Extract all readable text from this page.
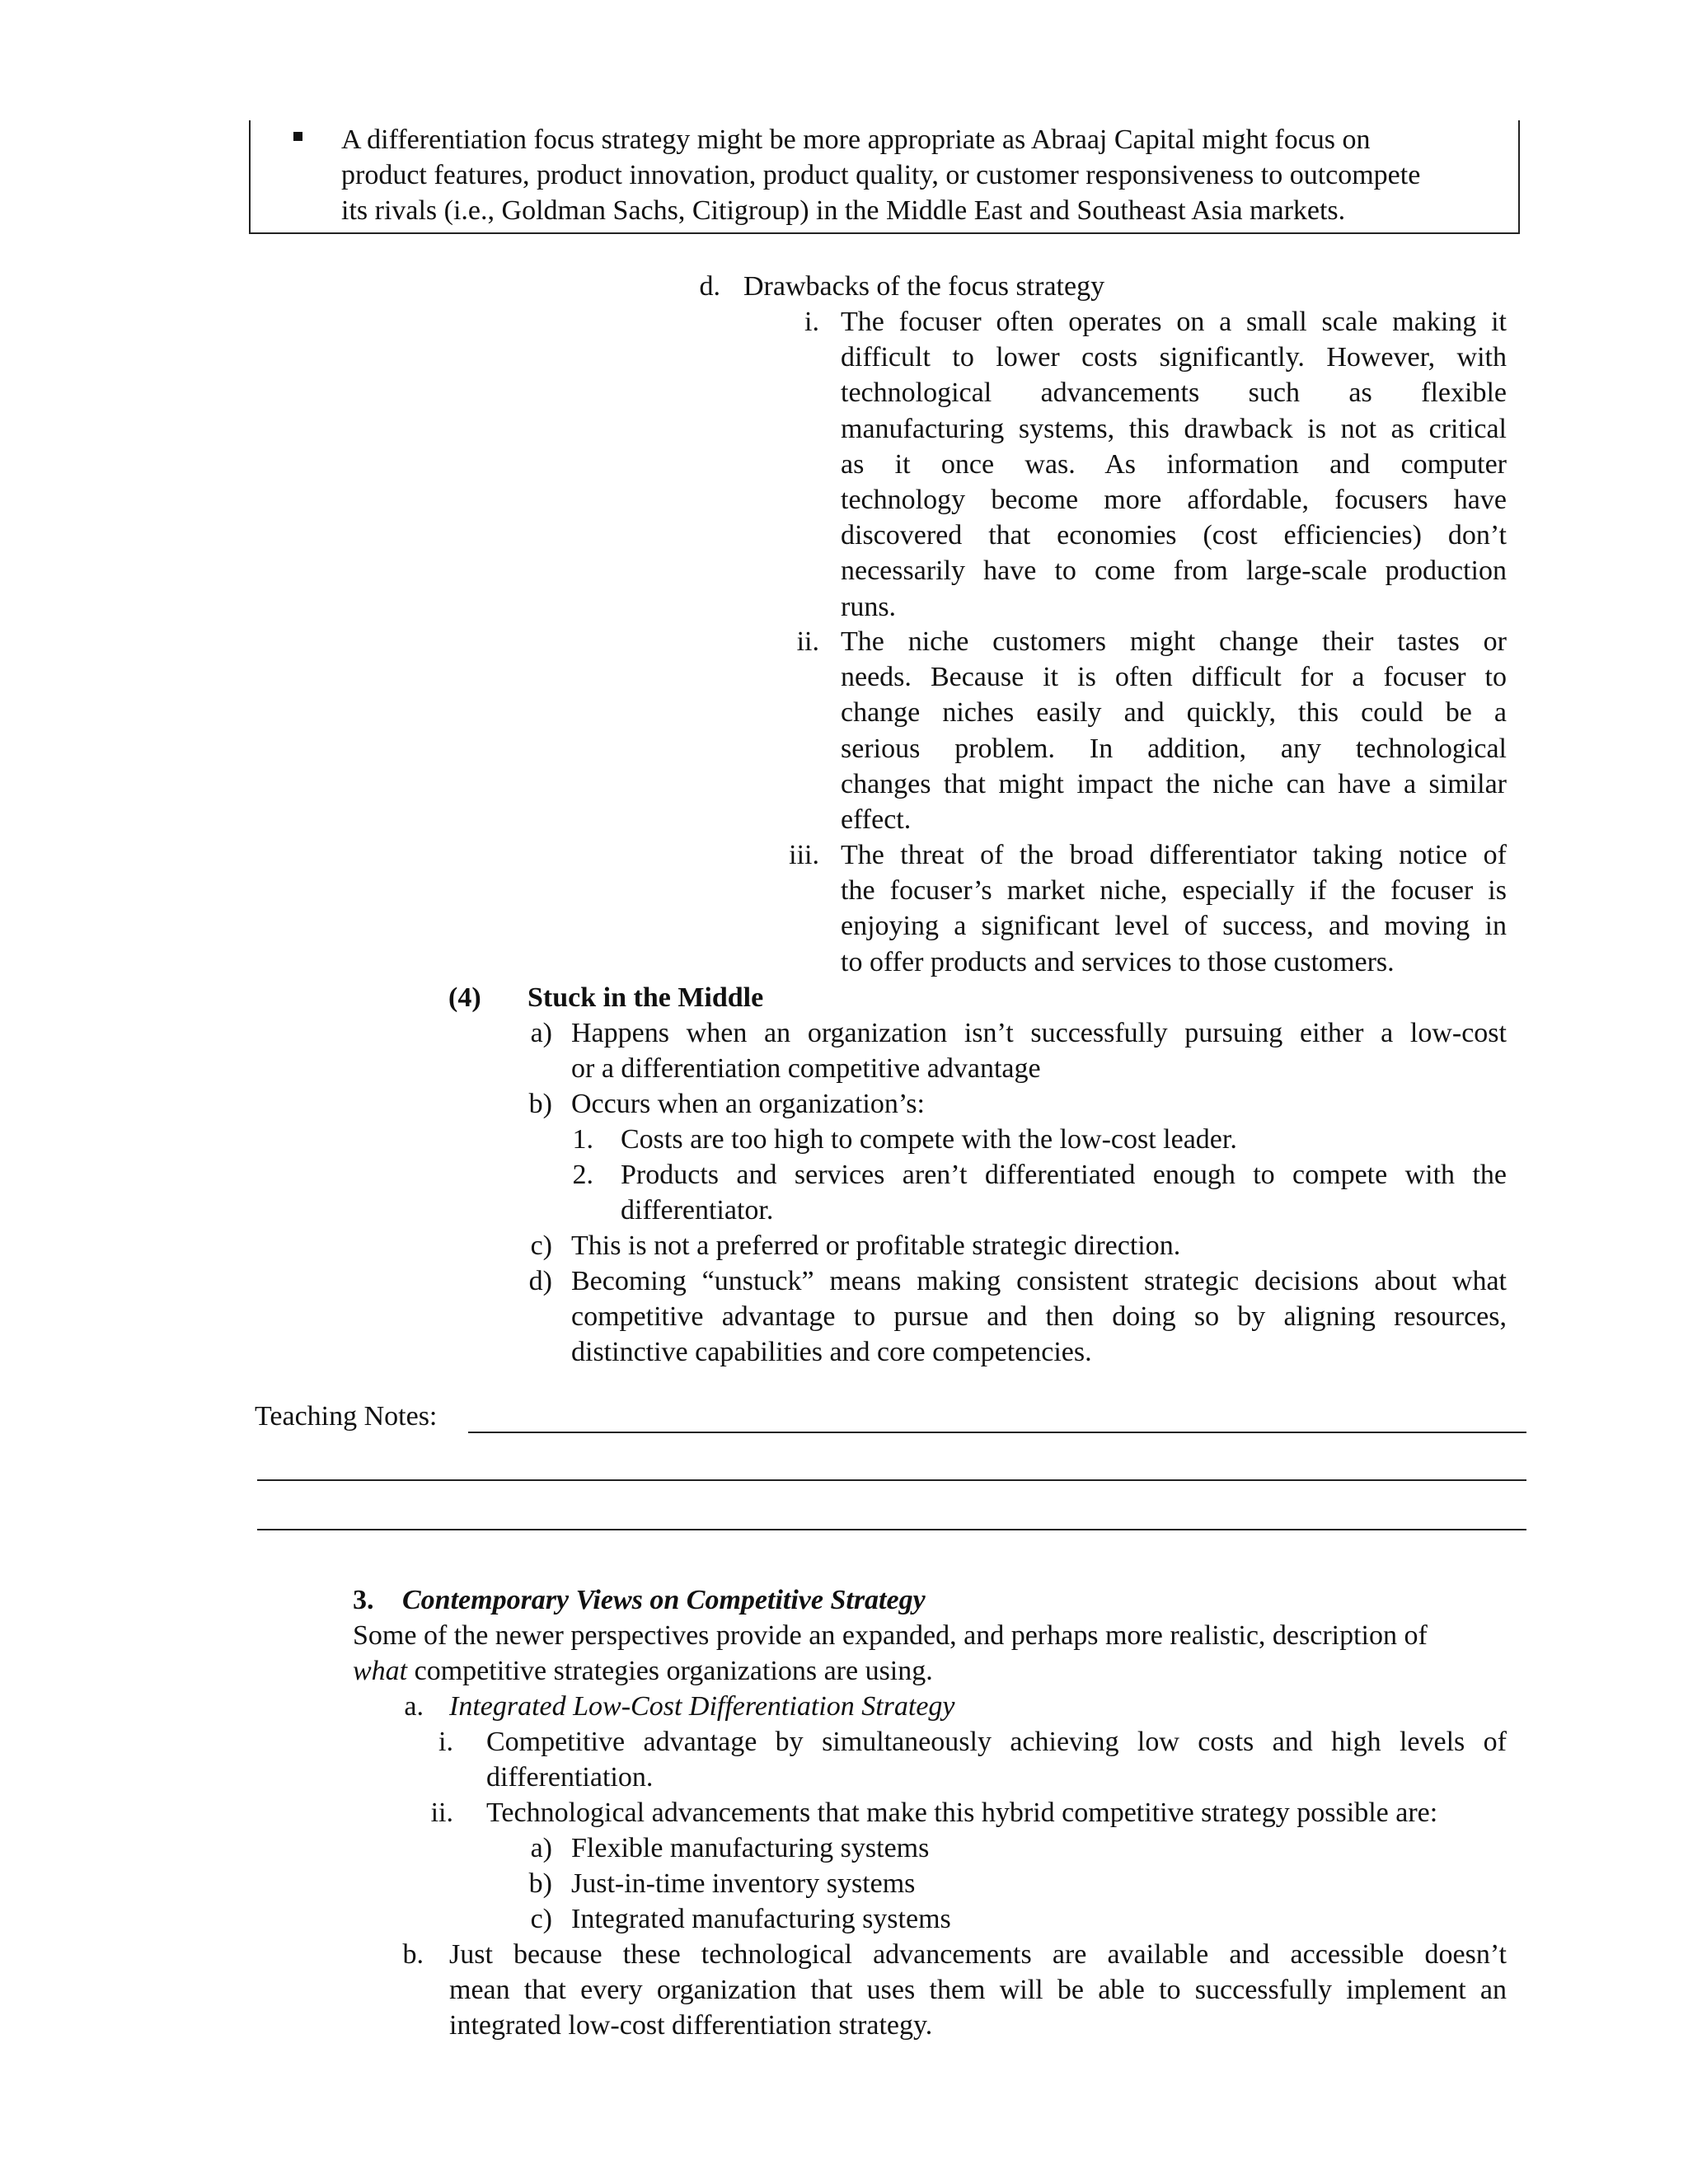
A differentiation focus strategy might be more appropriate as Abraaj Capital might focus on
product features, product innovation, product quality, or customer responsiveness to outcompete
its rivals (i.e., Goldman Sachs, Citigroup) in the Middle East and Southeast Asia markets.
d. Drawbacks of the focus strategy
i. The focuser often operates on a small scale making it
difficult to lower costs significantly. However, with
technological advancements such as flexible
manufacturing systems, this drawback is not as critical
as it once was. As information and computer
technology become more affordable, focusers have
discovered that economies (cost efficiencies) don’t
necessarily have to come from large-scale production
runs.
ii. The niche customers might change their tastes or
needs. Because it is often difficult for a focuser to
change niches easily and quickly, this could be a
serious problem. In addition, any technological
changes that might impact the niche can have a similar
effect.
iii. The threat of the broad differentiator taking notice of
the focuser’s market niche, especially if the focuser is
enjoying a significant level of success, and moving in
to offer products and services to those customers.
(4) Stuck in the Middle
a) Happens when an organization isn’t successfully pursuing either a low-cost
or a differentiation competitive advantage
b) Occurs when an organization’s:
1. Costs are too high to compete with the low-cost leader.
2. Products and services aren’t differentiated enough to compete with the
differentiator.
c) This is not a preferred or profitable strategic direction.
d) Becoming “unstuck” means making consistent strategic decisions about what
competitive advantage to pursue and then doing so by aligning resources,
distinctive capabilities and core competencies.
Teaching Notes:
3. Contemporary Views on Competitive Strategy
Some of the newer perspectives provide an expanded, and perhaps more realistic, description of
what competitive strategies organizations are using.
a. Integrated Low-Cost Differentiation Strategy
i. Competitive advantage by simultaneously achieving low costs and high levels of
differentiation.
ii. Technological advancements that make this hybrid competitive strategy possible are:
a) Flexible manufacturing systems
b) Just-in-time inventory systems
c) Integrated manufacturing systems
b. Just because these technological advancements are available and accessible doesn’t
mean that every organization that uses them will be able to successfully implement an
integrated low-cost differentiation strategy.
